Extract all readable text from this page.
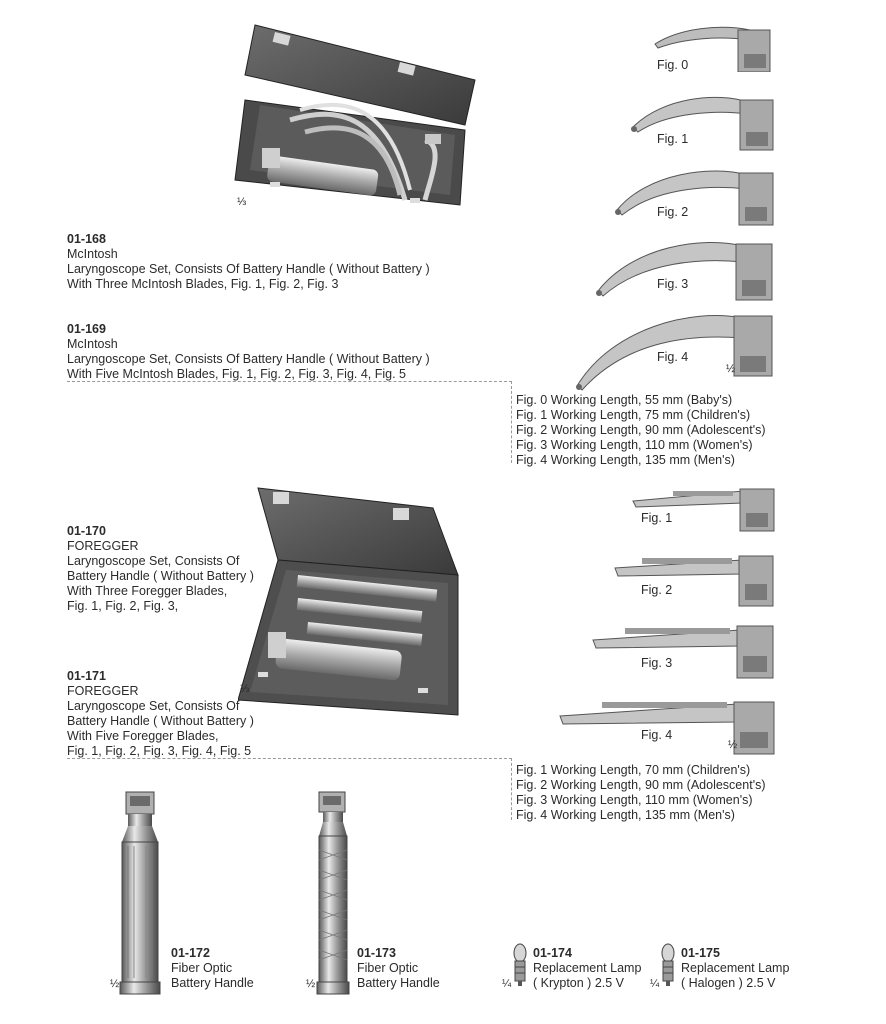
⅓
01-168
McIntosh
Laryngoscope Set, Consists Of Battery Handle ( Without Battery )
With Three McIntosh Blades, Fig. 1, Fig. 2, Fig. 3
01-169
McIntosh
Laryngoscope Set, Consists Of Battery Handle ( Without Battery )
With Five McIntosh Blades, Fig. 1, Fig. 2, Fig. 3, Fig. 4, Fig. 5
Fig. 0
Fig. 1
Fig. 2
Fig. 3
Fig. 4
½
Fig. 0 Working Length, 55 mm (Baby's)
Fig. 1 Working Length, 75 mm (Children's)
Fig. 2 Working Length, 90 mm (Adolescent's)
Fig. 3 Working Length, 110 mm (Women's)
Fig. 4 Working Length, 135 mm (Men's)
⅓
01-170
FOREGGER
Laryngoscope Set, Consists Of
Battery Handle ( Without Battery )
With Three Foregger Blades,
Fig. 1, Fig. 2, Fig. 3,
01-171
FOREGGER
Laryngoscope Set, Consists Of
Battery Handle ( Without Battery )
With Five Foregger Blades,
Fig. 1, Fig. 2, Fig. 3, Fig. 4, Fig. 5
Fig. 1
Fig. 2
Fig. 3
Fig. 4
½
Fig. 1 Working Length, 70 mm (Children's)
Fig. 2 Working Length, 90 mm (Adolescent's)
Fig. 3 Working Length, 110 mm (Women's)
Fig. 4 Working Length, 135 mm (Men's)
½
01-172
Fiber Optic
Battery Handle	½
01-173
Fiber Optic
Battery Handle	¼
01-174
Replacement Lamp
( Krypton ) 2.5 V	¼
01-175
Replacement Lamp
( Halogen ) 2.5 V
